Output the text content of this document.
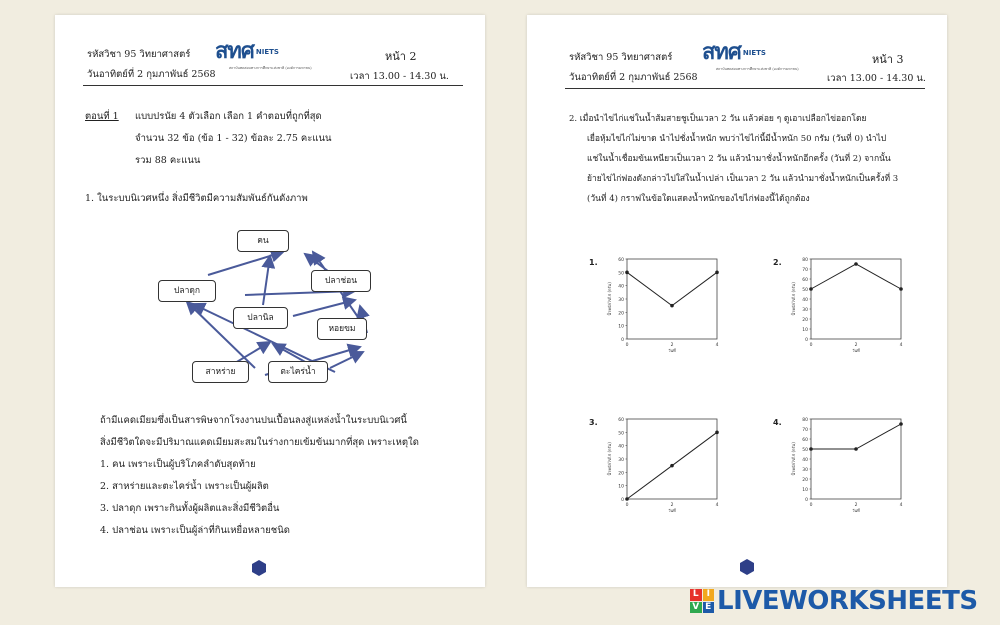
รหัสวิชา 95 วิทยาศาสตร์
วันอาทิตย์ที่ 2 กุมภาพันธ์ 2568
สทศ NIETS
สถาบันทดสอบทางการศึกษาแห่งชาติ (องค์การมหาชน)
หน้า 2
เวลา 13.00 - 14.30 น.
ตอนที่ 1 แบบปรนัย 4 ตัวเลือก เลือก 1 คำตอบที่ถูกที่สุด
จำนวน 32 ข้อ (ข้อ 1 - 32) ข้อละ 2.75 คะแนน
รวม 88 คะแนน
1. ในระบบนิเวศหนึ่ง สิ่งมีชีวิตมีความสัมพันธ์กันดังภาพ
คน
ปลาดุก
ปลาช่อน
ปลานิล
หอยขม
สาหร่าย	ตะไคร่น้ำ
ถ้ามีแคดเมียมซึ่งเป็นสารพิษจากโรงงานปนเปื้อนลงสู่แหล่งน้ำในระบบนิเวศนี้
สิ่งมีชีวิตใดจะมีปริมาณแคดเมียมสะสมในร่างกายเข้มข้นมากที่สุด เพราะเหตุใด
1. คน เพราะเป็นผู้บริโภคลำดับสุดท้าย
2. สาหร่ายและตะไคร่น้ำ เพราะเป็นผู้ผลิต
3. ปลาดุก เพราะกินทั้งผู้ผลิตและสิ่งมีชีวิตอื่น
4. ปลาช่อน เพราะเป็นผู้ล่าที่กินเหยื่อหลายชนิด
รหัสวิชา 95 วิทยาศาสตร์
วันอาทิตย์ที่ 2 กุมภาพันธ์ 2568
สทศ NIETS
สถาบันทดสอบทางการศึกษาแห่งชาติ (องค์การมหาชน)
หน้า 3
เวลา 13.00 - 14.30 น.
2. เมื่อนำไข่ไก่แช่ในน้ำส้มสายชูเป็นเวลา 2 วัน แล้วค่อย ๆ ดูเอาเปลือกไข่ออกโดย
เยื่อหุ้มไข่ไก่ไม่ขาด นำไปชั่งน้ำหนัก พบว่าไข่ไก่นี้มีน้ำหนัก 50 กรัม (วันที่ 0) นำไป
แช่ในน้ำเชื่อมข้นเหนียวเป็นเวลา 2 วัน แล้วนำมาชั่งน้ำหนักอีกครั้ง (วันที่ 2) จากนั้น
ย้ายไข่ไก่ฟองดังกล่าวไปใส่ในน้ำเปล่า เป็นเวลา 2 วัน แล้วนำมาชั่งน้ำหนักเป็นครั้งที่ 3
(วันที่ 4) กราฟในข้อใดแสดงน้ำหนักของไข่ไก่ฟองนี้ได้ถูกต้อง
1.
0
10
20
30
40
50
60
0	2	4
วันที่
น้ำหนักไข่ไก่ (กรัม)
2.
0
10
20
30
40
50
60
70
80
0	2	4
วันที่
น้ำหนักไข่ไก่ (กรัม)
3.
0
10
20
30
40
50
60
0	2	4
วันที่
น้ำหนักไข่ไก่ (กรัม)
4.
0
10
20
30
40
50
60
70
80
0	2	4
วันที่
น้ำหนักไข่ไก่ (กรัม)
L I
V E LIVEWORKSHEETS
